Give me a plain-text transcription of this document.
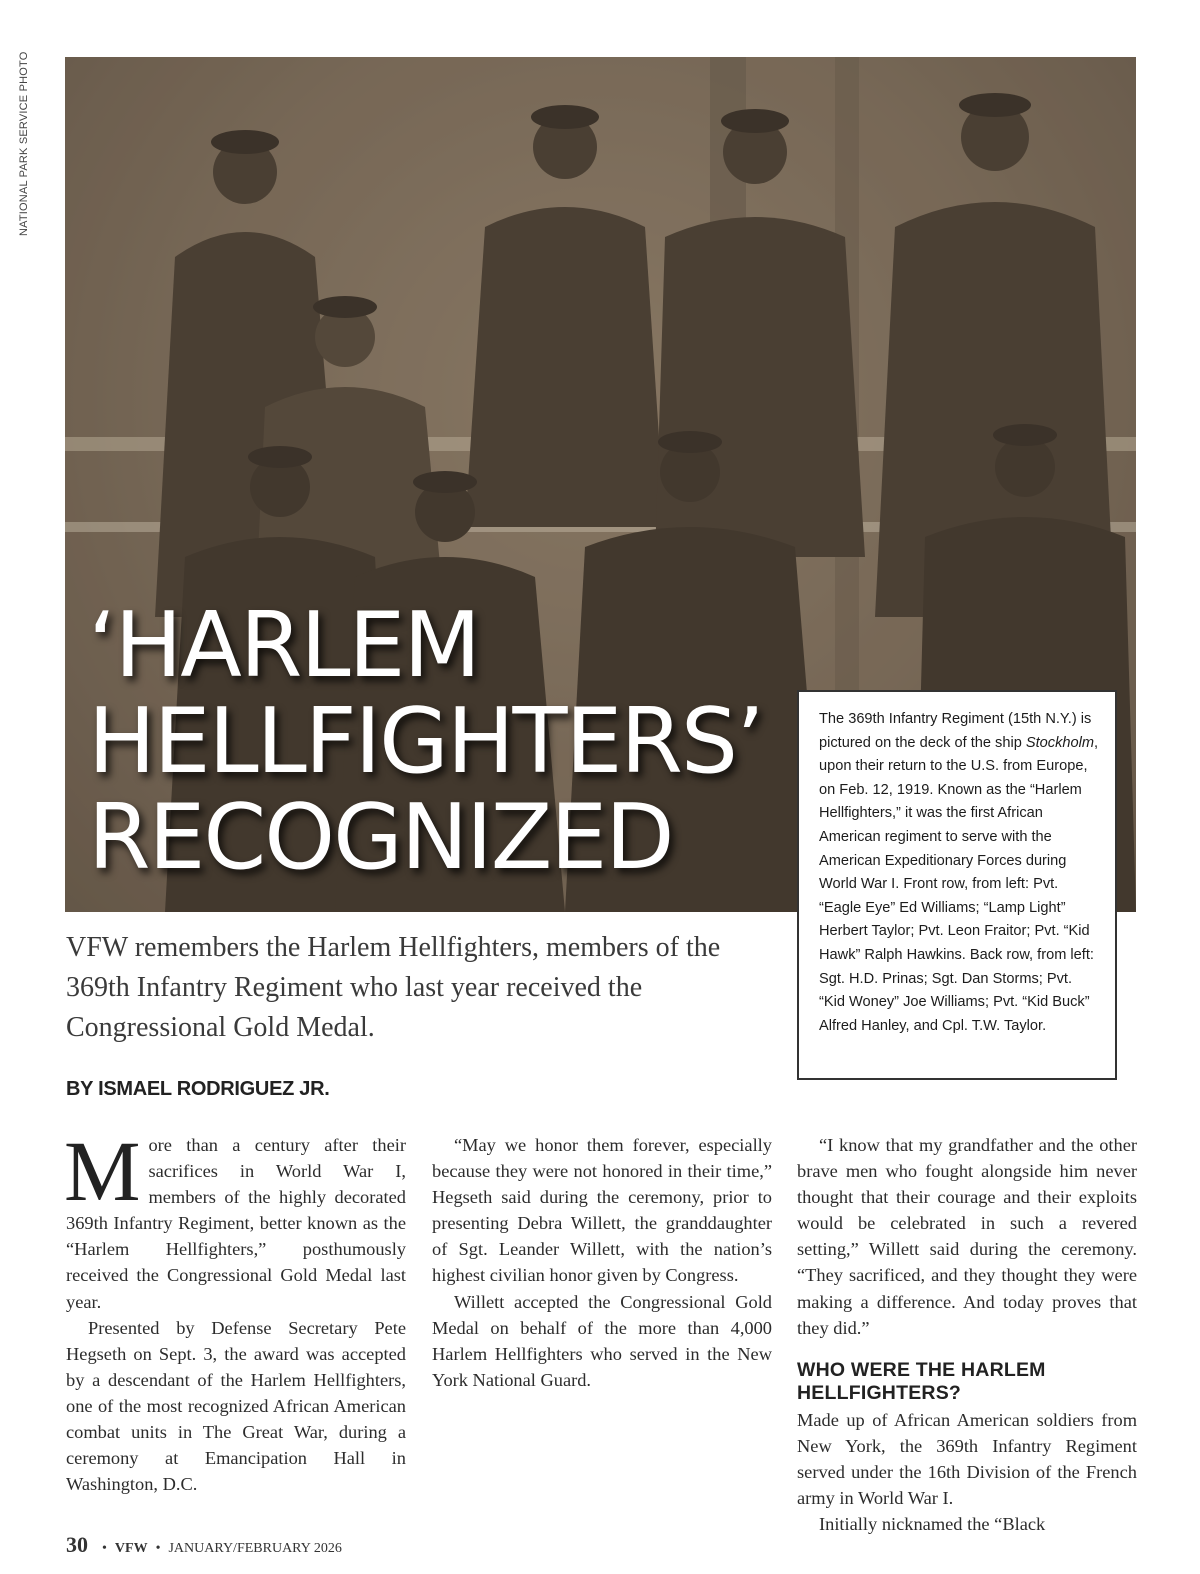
NATIONAL PARK SERVICE PHOTO
‘HARLEM
HELLFIGHTERS’
RECOGNIZED
The 369th Infantry Regiment (15th N.Y.) is pictured on the deck of the ship Stockholm, upon their return to the U.S. from Europe, on Feb. 12, 1919. Known as the “Harlem Hellfighters,” it was the first African American regiment to serve with the American Expeditionary Forces during World War I. Front row, from left: Pvt. “Eagle Eye” Ed Williams; “Lamp Light” Herbert Taylor; Pvt. Leon Fraitor; Pvt. “Kid Hawk” Ralph Hawkins. Back row, from left: Sgt. H.D. Prinas; Sgt. Dan Storms; Pvt. “Kid Woney” Joe Williams; Pvt. “Kid Buck” Alfred Hanley, and Cpl. T.W. Taylor.
VFW remembers the Harlem Hellfighters, members of the 369th Infantry Regiment who last year received the Congressional Gold Medal.
BY ISMAEL RODRIGUEZ JR.

More than a century after their sacrifices in World War I, members of the highly decorated 369th Infantry Regiment, better known as the “Harlem Hellfighters,” posthumously received the Congressional Gold Medal last year.

Presented by Defense Secretary Pete Hegseth on Sept. 3, the award was accepted by a descendant of the Harlem Hellfighters, one of the most recognized African American combat units in The Great War, during a ceremony at Emancipation Hall in Washington, D.C.

“May we honor them forever, especially because they were not honored in their time,” Hegseth said during the ceremony, prior to presenting Debra Willett, the granddaughter of Sgt. Leander Willett, with the nation’s highest civilian honor given by Congress.

Willett accepted the Congressional Gold Medal on behalf of the more than 4,000 Harlem Hellfighters who served in the New York National Guard.

“I know that my grandfather and the other brave men who fought alongside him never thought that their courage and their exploits would be celebrated in such a revered setting,” Willett said during the ceremony. “They sacrificed, and they thought they were making a difference. And today proves that they did.”

WHO WERE THE HARLEM HELLFIGHTERS?

Made up of African American soldiers from New York, the 369th Infantry Regiment served under the 16th Division of the French army in World War I.

Initially nicknamed the “Black

30 • VFW • JANUARY/FEBRUARY 2026
